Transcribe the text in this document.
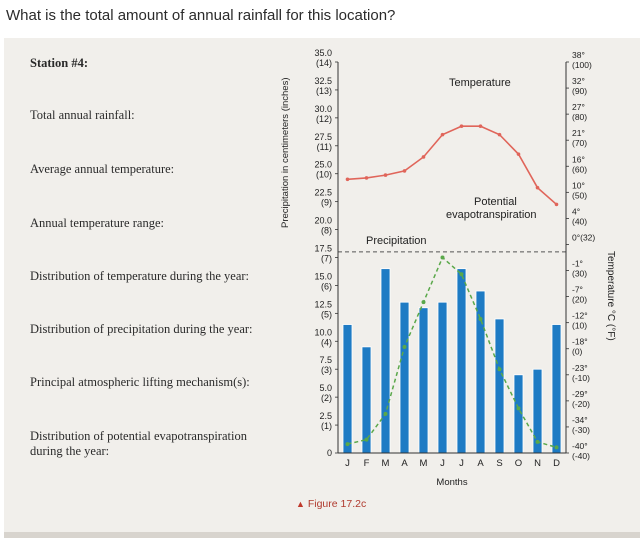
What is the total amount of annual rainfall for this location?
Station #4:
Total annual rainfall:
Average annual temperature:
Annual temperature range:
Distribution of temperature during the year:
Distribution of precipitation during the year:
Principal atmospheric lifting mechanism(s):
Distribution of potential evapotranspiration during the year:
Precipitation in centimeters (inches)
Temperature °C (°F)
0
2.5
(1)
5.0
(2)
7.5
(3)
10.0
(4)
12.5
(5)
15.0
(6)
17.5
(7)
20.0
(8)
22.5
(9)
25.0
(10)
27.5
(11)
30.0
(12)
32.5
(13)
35.0
(14)
38°
(100)
32°
(90)
27°
(80)
21°
(70)
16°
(60)
10°
(50)
4°
(40)
0°(32)
-1°
(30)
-7°
(20)
-12°
(10)
-18°
(0)
-23°
(-10)
-29°
(-20)
-34°
(-30)
-40°
(-40)
J F M A M J J A S O N D
Months
Temperature
Potential
evapotranspiration
Precipitation
▲ Figure 17.2c
